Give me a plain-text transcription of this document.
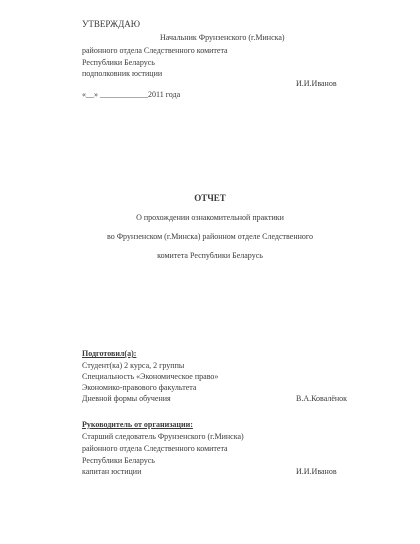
УТВЕРЖДАЮ
Начальник Фрунзенского (г.Минска)
районного отдела Следственного комитета
Республики Беларусь
подполковник юстиции
И.И.Иванов
«__» ____________2011 года
ОТЧЕТ
О прохождении ознакомительной практики
во Фрунзенском (г.Минска) районном отделе Следственного
комитета Республики Беларусь
Подготовил(а):
Студент(ка) 2 курса, 2 группы
Специальность «Экономическое право»
Экономико-правового факультета
Дневной формы обучения	В.А.Ковалёнок
Руководитель от организации:
Старший следователь Фрунзенского (г.Минска)
районного отдела Следственного комитета
Республики Беларусь
капитан юстиции	И.И.Иванов
